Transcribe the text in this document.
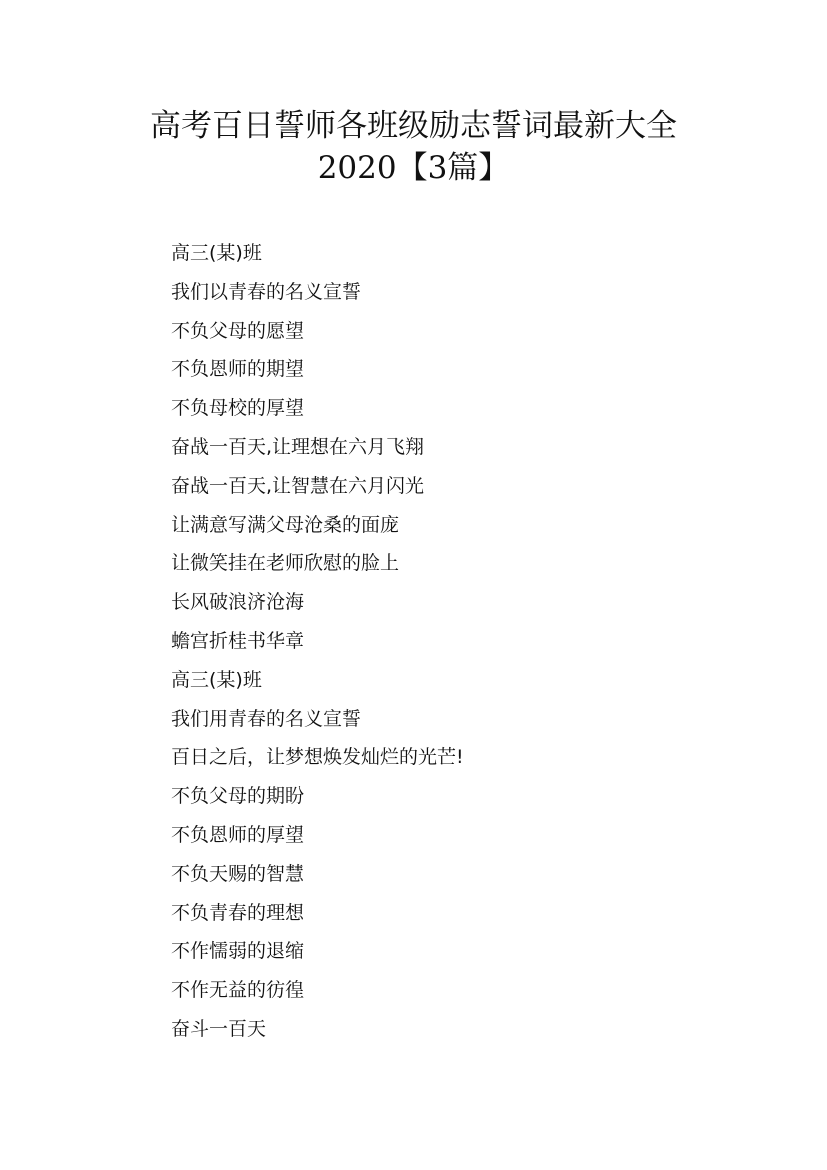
高考百日誓师各班级励志誓词最新大全
2020【3篇】
高三(某)班
我们以青春的名义宣誓
不负父母的愿望
不负恩师的期望
不负母校的厚望
奋战一百天,让理想在六月飞翔
奋战一百天,让智慧在六月闪光
让满意写满父母沧桑的面庞
让微笑挂在老师欣慰的脸上
长风破浪济沧海
蟾宫折桂书华章
高三(某)班
我们用青春的名义宣誓
百日之后，让梦想焕发灿烂的光芒!
不负父母的期盼
不负恩师的厚望
不负天赐的智慧
不负青春的理想
不作懦弱的退缩
不作无益的彷徨
奋斗一百天
